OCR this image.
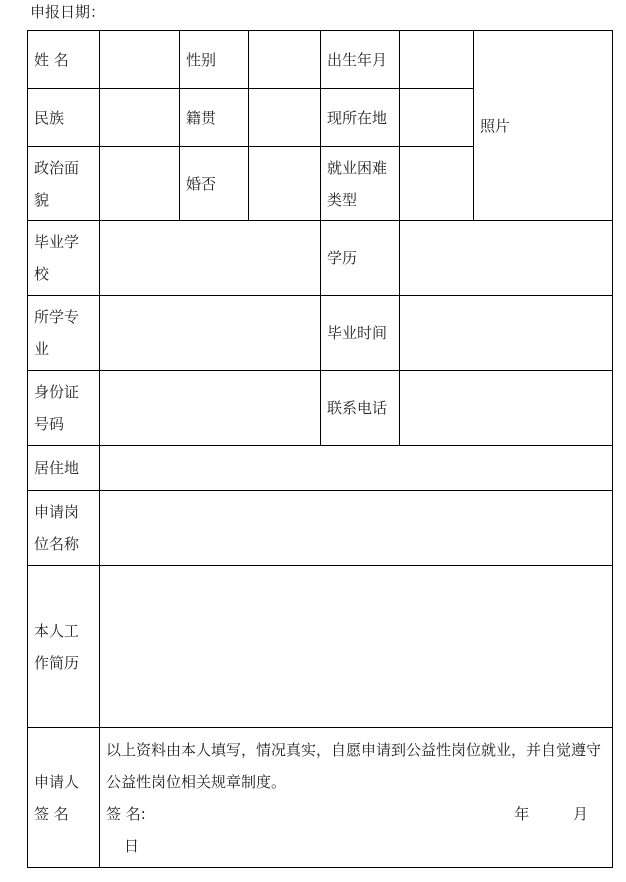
申报日期：
姓 名		性别		出生年月		照片
民族		籍贯		现所在地		
政治面貌		婚否		就业困难类型		
毕业学校				学历		
所学专业				毕业时间		
身份证号码				联系电话		
居住地						
申请岗位名称						
本人工作简历						
申请人签 名	以上资料由本人填写，情况真实，自愿申请到公益性岗位就业，并自觉遵守公益性岗位相关规章制度。
签 名: 年 月
日					
